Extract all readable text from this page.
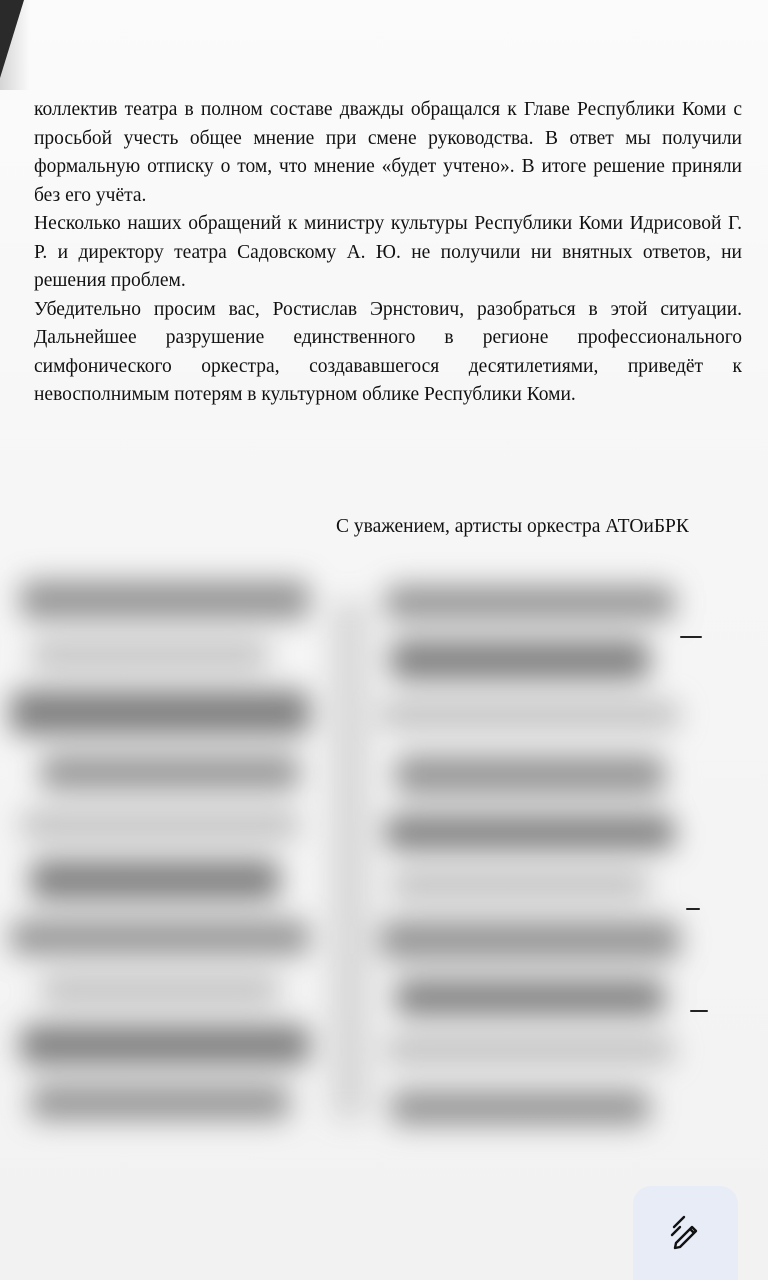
коллектив театра в полном составе дважды обращался к Главе Республики Коми с просьбой учесть общее мнение при смене руководства. В ответ мы получили формальную отписку о том, что мнение «будет учтено». В итоге решение приняли без его учёта.

Несколько наших обращений к министру культуры Республики Коми Идрисовой Г. Р. и директору театра Садовскому А. Ю. не получили ни внятных ответов, ни решения проблем.

Убедительно просим вас, Ростислав Эрнстович, разобраться в этой ситуации. Дальнейшее разрушение единственного в регионе профессионального симфонического оркестра, создававшегося десятилетиями, приведёт к невосполнимым потерям в культурном облике Республики Коми.

С уважением, артисты оркестра АТОиБРК
